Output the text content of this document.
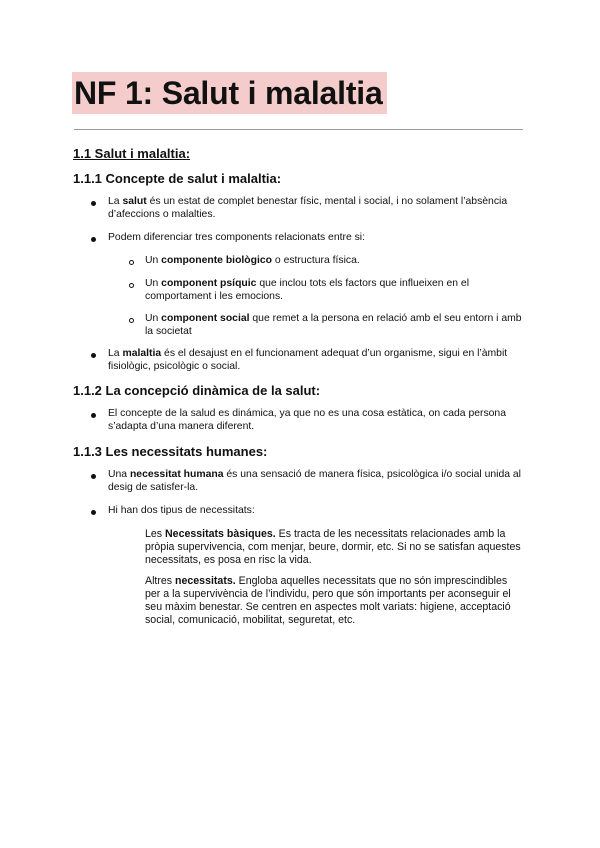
NF 1: Salut i malaltia
1.1 Salut i malaltia:
1.1.1 Concepte de salut i malaltia:

La salut és un estat de complet benestar físic, mental i social, i no solament l’absència d’afeccions o malalties.

Podem diferenciar tres components relacionats entre si:

Un componente biològico o estructura física.

Un component psíquic que inclou tots els factors que influeixen en el comportament i les emocions.

Un component social que remet a la persona en relació amb el seu entorn i amb la societat

La malaltia és el desajust en el funcionament adequat d’un organisme, sigui en l’àmbit fisiològic, psicològic o social.

1.1.2 La concepció dinàmica de la salut:

El concepte de la salud es dinámica, ya que no es una cosa estàtica, on cada persona s’adapta d’una manera diferent.

1.1.3 Les necessitats humanes:

Una necessitat humana és una sensació de manera física, psicològica i/o social unida al desig de satisfer-la.

Hi han dos tipus de necessitats:

Les Necessitats bàsiques. Es tracta de les necessitats relacionades amb la pròpia supervivencia, com menjar, beure, dormir, etc. Si no se satisfan aquestes necessitats, es posa en risc la vida.

Altres necessitats. Engloba aquelles necessitats que no són imprescindibles per a la supervivència de l’individu, pero que són importants per aconseguir el seu màxim benestar. Se centren en aspectes molt variats: higiene, acceptació social, comunicació, mobilitat, seguretat, etc.
